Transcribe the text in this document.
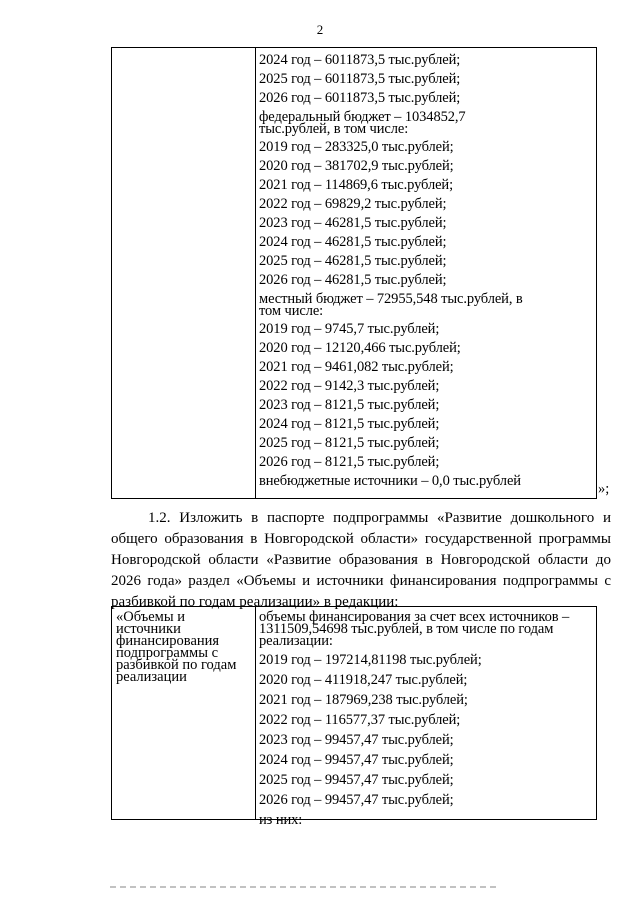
2
2024 год – 6011873,5 тыс.рублей;
2025 год – 6011873,5 тыс.рублей;
2026 год – 6011873,5 тыс.рублей;
федеральный бюджет – 1034852,7 тыс.рублей, в том числе:
2019 год – 283325,0 тыс.рублей;
2020 год – 381702,9 тыс.рублей;
2021 год – 114869,6 тыс.рублей;
2022 год – 69829,2 тыс.рублей;
2023 год – 46281,5 тыс.рублей;
2024 год – 46281,5 тыс.рублей;
2025 год – 46281,5 тыс.рублей;
2026 год – 46281,5 тыс.рублей;
местный бюджет – 72955,548 тыс.рублей, в том числе:
2019 год – 9745,7 тыс.рублей;
2020 год – 12120,466 тыс.рублей;
2021 год – 9461,082 тыс.рублей;
2022 год – 9142,3 тыс.рублей;
2023 год – 8121,5 тыс.рублей;
2024 год – 8121,5 тыс.рублей;
2025 год – 8121,5 тыс.рублей;
2026 год – 8121,5 тыс.рублей;
внебюджетные источники – 0,0 тыс.рублей	»;
1.2. Изложить в паспорте подпрограммы «Развитие дошкольного и общего образования в Новгородской области» государственной программы Новгородской области «Развитие образования в Новгородской области до 2026 года» раздел «Объемы и источники финансирования подпрограммы с разбивкой по годам реализации» в редакции:
«Объемы и источники финансирования подпрограммы с разбивкой по годам реализации
объемы финансирования за счет всех источников – 1311509,54698 тыс.рублей, в том числе по годам реализации:
2019 год – 197214,81198 тыс.рублей;
2020 год – 411918,247 тыс.рублей;
2021 год – 187969,238 тыс.рублей;
2022 год – 116577,37 тыс.рублей;
2023 год – 99457,47 тыс.рублей;
2024 год – 99457,47 тыс.рублей;
2025 год – 99457,47 тыс.рублей;
2026 год – 99457,47 тыс.рублей;
из них:
